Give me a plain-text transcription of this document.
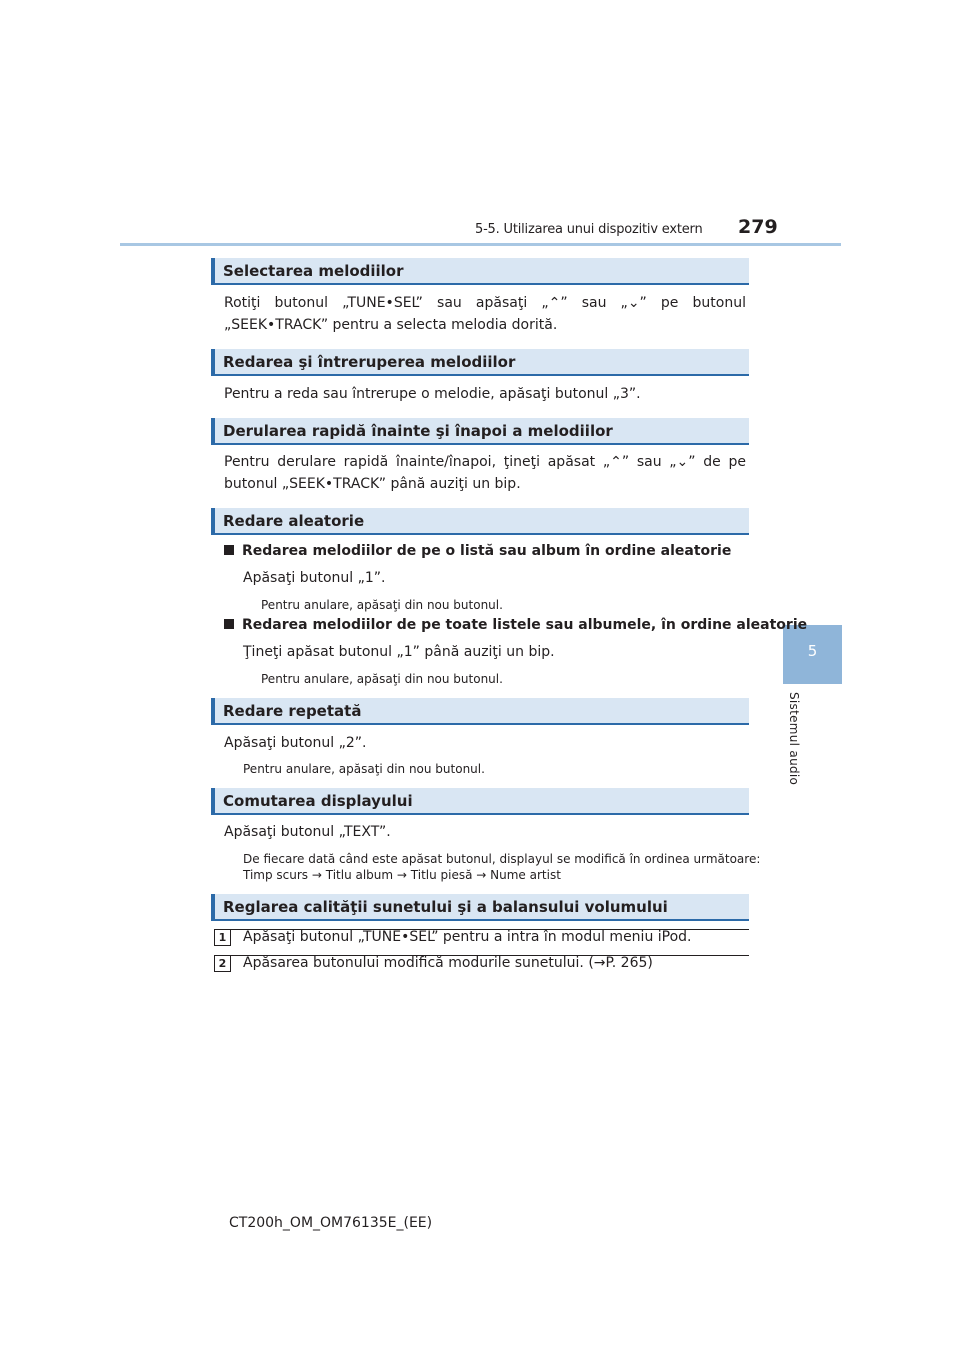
5-5. Utilizarea unui dispozitiv extern 279
5
Sistemul audio
Selectarea melodiilor
Rotiţi butonul „TUNE•SEL” sau apăsaţi „⌃” sau „⌄” pe butonul „SEEK•TRACK” pentru a selecta melodia dorită.
Redarea şi întreruperea melodiilor
Pentru a reda sau întrerupe o melodie, apăsaţi butonul „3”.
Derularea rapidă înainte şi înapoi a melodiilor
Pentru derulare rapidă înainte/înapoi, ţineţi apăsat „⌃” sau „⌄” de pe butonul „SEEK•TRACK” până auziţi un bip.
Redare aleatorie
Redarea melodiilor de pe o listă sau album în ordine aleatorie
Apăsaţi butonul „1”.
Pentru anulare, apăsaţi din nou butonul.
Redarea melodiilor de pe toate listele sau albumele, în ordine aleatorie
Ţineţi apăsat butonul „1” până auziţi un bip.
Pentru anulare, apăsaţi din nou butonul.
Redare repetată
Apăsaţi butonul „2”.
Pentru anulare, apăsaţi din nou butonul.
Comutarea displayului
Apăsaţi butonul „TEXT”.
De fiecare dată când este apăsat butonul, displayul se modifică în ordinea următoare:
Timp scurs → Titlu album → Titlu piesă → Nume artist
Reglarea calităţii sunetului şi a balansului volumului
1	Apăsaţi butonul „TUNE•SEL” pentru a intra în modul meniu iPod.
2	Apăsarea butonului modifică modurile sunetului. (→P. 265)
CT200h_OM_OM76135E_(EE)
